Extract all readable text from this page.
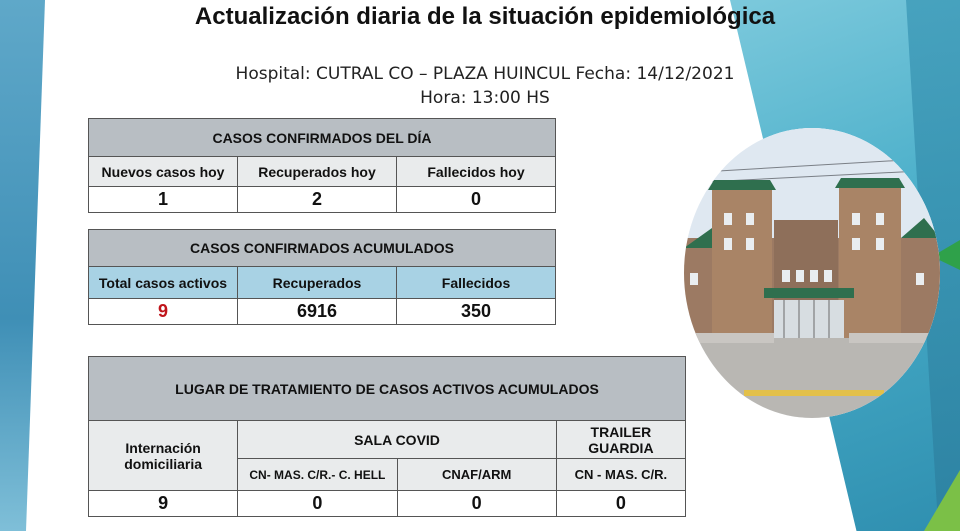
Actualización diaria de la situación epidemiológica
Hospital: CUTRAL CO – PLAZA HUINCUL Fecha: 14/12/2021
Hora: 13:00 HS
CASOS CONFIRMADOS DEL DÍA		
Nuevos casos hoy	Recuperados hoy	Fallecidos hoy
1	2	0
CASOS CONFIRMADOS ACUMULADOS		
Total casos activos	Recuperados	Fallecidos
9	6916	350
LUGAR DE TRATAMIENTO DE CASOS ACTIVOS ACUMULADOS			
Internación domiciliaria	SALA COVID		TRAILER GUARDIA
	CN- MAS. C/R.- C. HELL	CNAF/ARM	CN - MAS. C/R.
9	0	0	0
